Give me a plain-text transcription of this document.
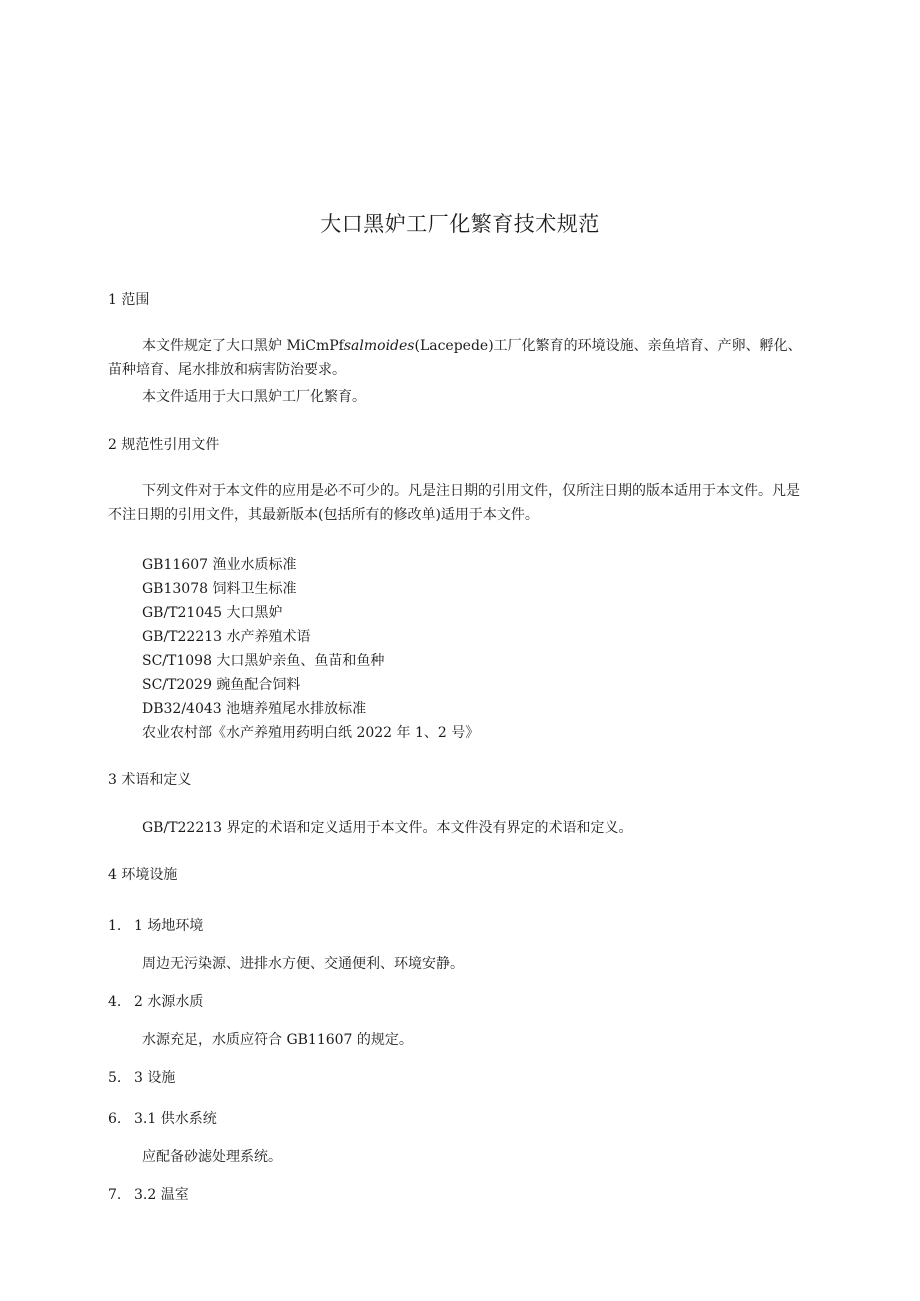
大口黑妒工厂化繁育技术规范
1 范围

本文件规定了大口黑妒 MiCmPfsalmoides(Lacepede)工厂化繁育的环境设施、亲鱼培育、产卵、孵化、苗种培育、尾水排放和病害防治要求。

本文件适用于大口黑妒工厂化繁育。
2 规范性引用文件

下列文件对于本文件的应用是必不可少的。凡是注日期的引用文件，仅所注日期的版本适用于本文件。凡是不注日期的引用文件，其最新版本(包括所有的修改单)适用于本文件。

GB11607 渔业水质标准
GB13078 饲料卫生标准
GB/T21045 大口黑妒
GB/T22213 水产养殖术语
SC/T1098 大口黑妒亲鱼、鱼苗和鱼种
SC/T2029 豌鱼配合饲料
DB32/4043 池塘养殖尾水排放标准
农业农村部《水产养殖用药明白纸 2022 年 1、2 号》
3 术语和定义
GB/T22213 界定的术语和定义适用于本文件。本文件没有界定的术语和定义。
4 环境设施
1. 1 场地环境
周边无污染源、进排水方便、交通便利、环境安静。
4. 2 水源水质
水源充足，水质应符合 GB11607 的规定。
5. 3 设施
6. 3.1 供水系统
应配备砂滤处理系统。
7. 3.2 温室
